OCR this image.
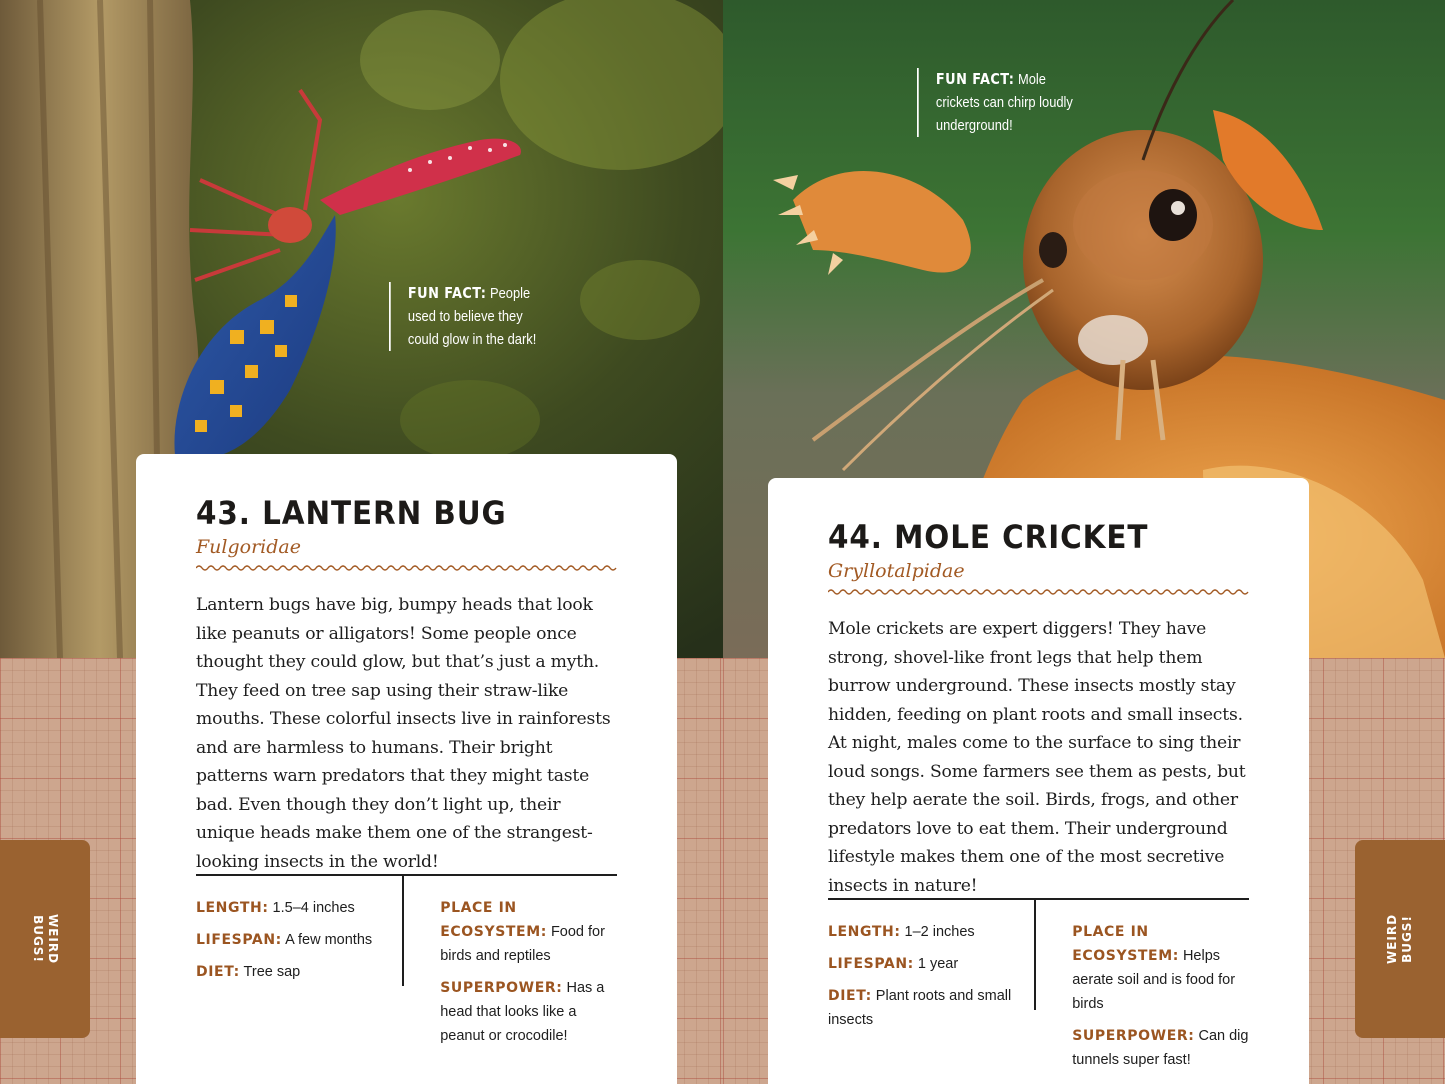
FUN FACT: People used to believe they could glow in the dark!
43. LANTERN BUG
Fulgoridae
Lantern bugs have big, bumpy heads that look like peanuts or alligators! Some people once thought they could glow, but that’s just a myth. They feed on tree sap using their straw-like mouths. These colorful insects live in rainforests and are harmless to humans. Their bright patterns warn predators that they might taste bad. Even though they don’t light up, their unique heads make them one of the strangest-looking insects in the world!
LENGTH: 1.5–4 inches
LIFESPAN: A few months
DIET: Tree sap
PLACE IN ECOSYSTEM: Food for birds and reptiles
SUPERPOWER: Has a head that looks like a peanut or crocodile!
WEIRD
BUGS!
FUN FACT: Mole crickets can chirp loudly underground!
44. MOLE CRICKET
Gryllotalpidae
Mole crickets are expert diggers! They have strong, shovel-like front legs that help them burrow underground. These insects mostly stay hidden, feeding on plant roots and small insects. At night, males come to the surface to sing their loud songs. Some farmers see them as pests, but they help aerate the soil. Birds, frogs, and other predators love to eat them. Their underground lifestyle makes them one of the most secretive insects in nature!
LENGTH: 1–2 inches
LIFESPAN: 1 year
DIET: Plant roots and small insects
PLACE IN ECOSYSTEM: Helps aerate soil and is food for birds
SUPERPOWER: Can dig tunnels super fast!
WEIRD BUGS!
